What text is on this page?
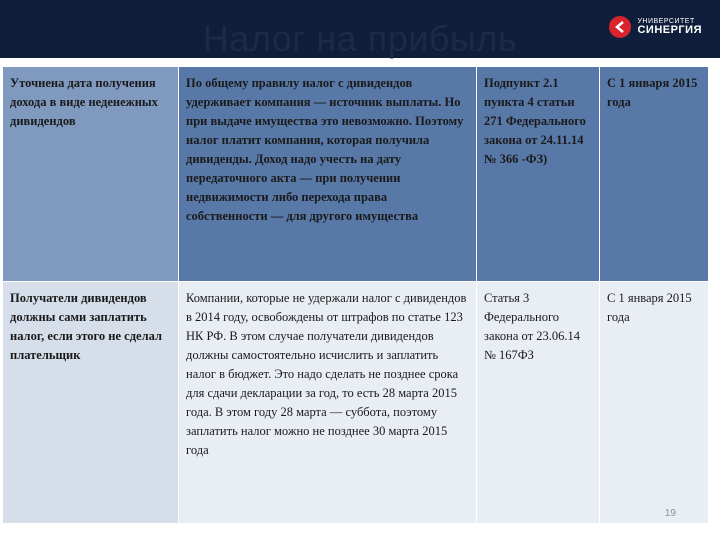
Налог на прибыль	УНИВЕРСИТЕТ
СИНЕРГИЯ
Уточнена дата получения дохода в виде неденежных дивидендов	По общему правилу налог с дивидендов удерживает компания — источник выплаты. Но при выдаче имущества это невозможно. Поэтому налог платит компания, которая получила дивиденды. Доход надо учесть на дату передаточного акта — при получении недвижимости либо перехода права собственности — для другого имущества	Подпункт 2.1 пункта 4 статьи 271 Федерального закона от 24.11.14 № 366 -ФЗ)	С 1 января 2015 года
Получатели дивидендов должны сами заплатить налог, если этого не сделал плательщик	Компании, которые не удержали налог с дивидендов в 2014 году, освобождены от штрафов по статье 123 НК РФ. В этом случае получатели дивидендов должны самостоятельно исчислить и заплатить налог в бюджет. Это надо сделать не позднее срока для сдачи декларации за год, то есть 28 марта 2015 года. В этом году 28 марта — суббота, поэтому заплатить налог можно не позднее 30 марта 2015 года	Статья 3 Федерального закона от 23.06.14 № 167ФЗ	С 1 января 2015 года
19
